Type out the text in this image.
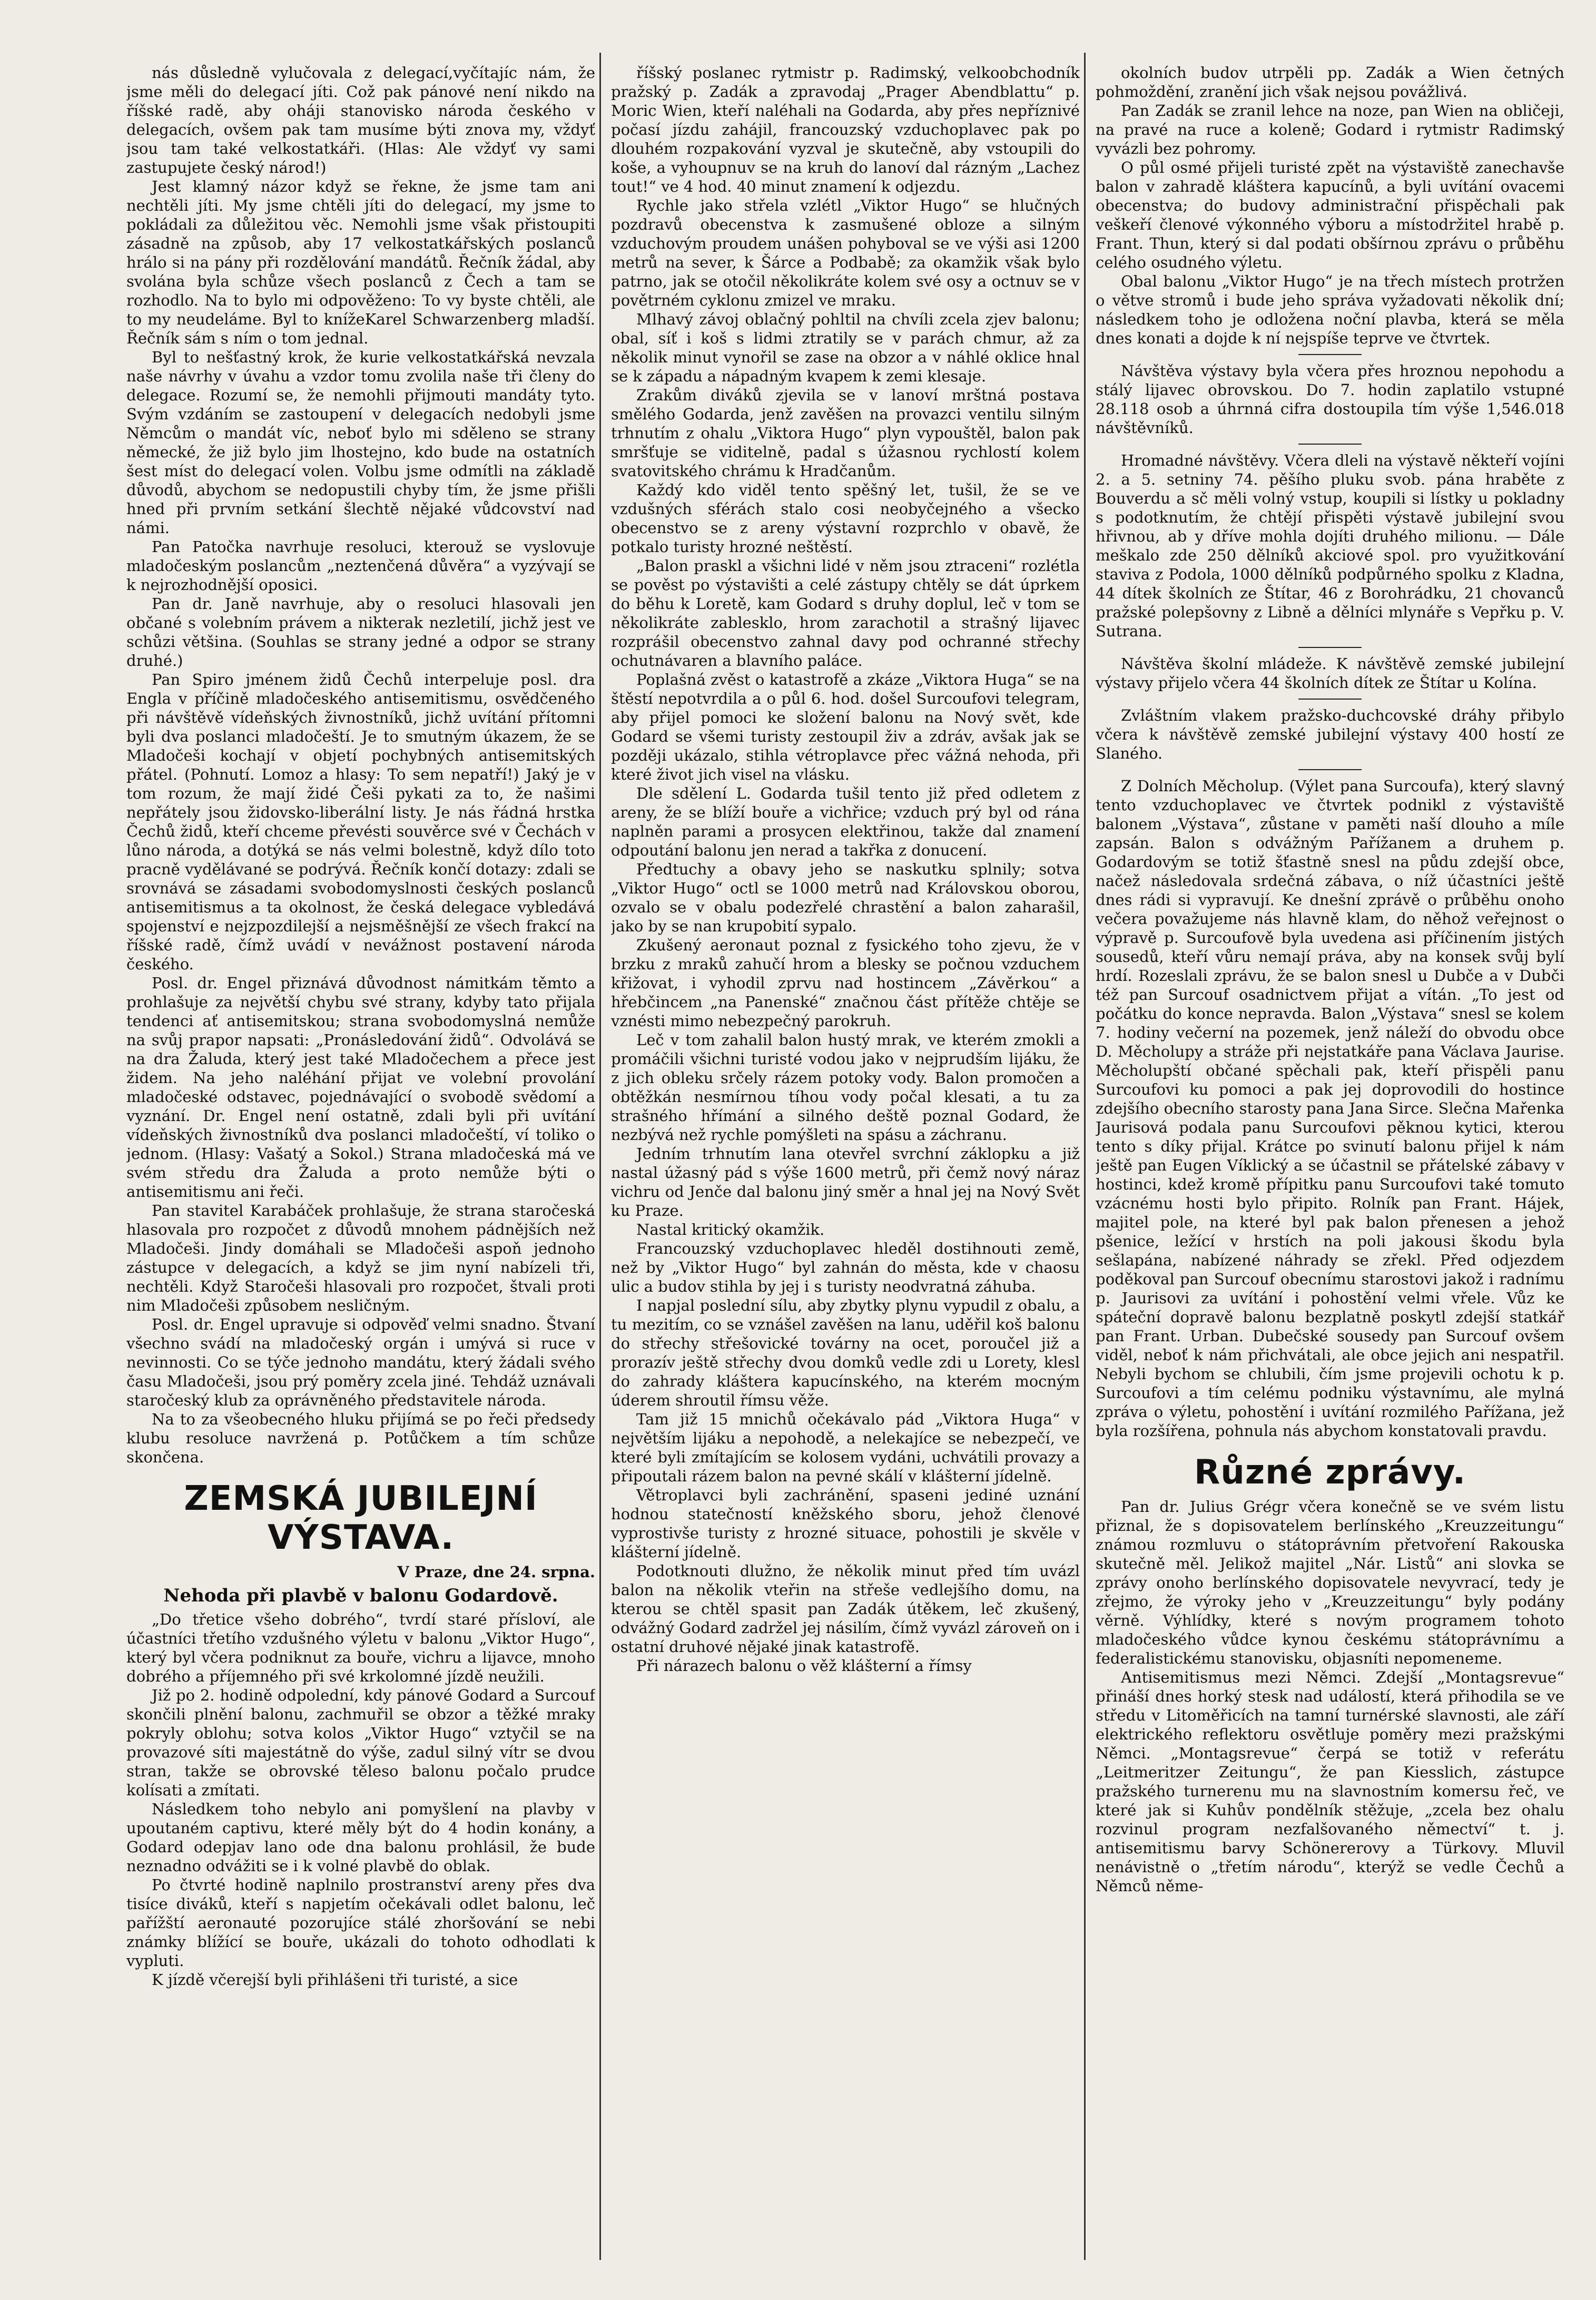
nás důsledně vylučovala z delegací,vyčítajíc nám, že jsme měli do delegací jíti. Což pak pánové není nikdo na říšské radě, aby oháji stanovisko národa českého v delegacích, ovšem pak tam musíme býti znova my, vždyť jsou tam také velkostatkáři. (Hlas: Ale vždyť vy sami zastupujete český národ!)

Jest klamný názor když se řekne, že jsme tam ani nechtěli jíti. My jsme chtěli jíti do delegací, my jsme to pokládali za důležitou věc. Nemohli jsme však přistoupiti zásadně na způsob, aby 17 velkostatkářských poslanců hrálo si na pány při rozdělování mandátů. Řečník žádal, aby svolána byla schůze všech poslanců z Čech a tam se rozhodlo. Na to bylo mi odpověženo: To vy byste chtěli, ale to my neudeláme. Byl to knížeKarel Schwarzenberg mladší. Řečník sám s ním o tom jednal.

Byl to nešťastný krok, že kurie velkostatkářská nevzala naše návrhy v úvahu a vzdor tomu zvolila naše tři členy do delegace. Rozumí se, že nemohli přijmouti mandáty tyto. Svým vzdáním se zastoupení v delegacích nedobyli jsme Němcům o mandát víc, neboť bylo mi sděleno se strany německé, že již bylo jim lhostejno, kdo bude na ostatních šest míst do delegací volen. Volbu jsme odmítli na základě důvodů, abychom se nedopustili chyby tím, že jsme přišli hned při prvním setkání šlechtě nějaké vůdcovství nad námi.

Pan Patočka navrhuje resoluci, kterouž se vyslovuje mladočeským poslancům „neztenčená důvěra“ a vyzývají se k nejrozhodnější oposici.

Pan dr. Janě navrhuje, aby o resoluci hlasovali jen občané s volebním právem a nikterak nezletilí, jichž jest ve schůzi většina. (Souhlas se strany jedné a odpor se strany druhé.)

Pan Spiro jménem židů Čechů interpeluje posl. dra Engla v příčině mladočeského antisemitismu, osvědčeného při návštěvě vídeňských živnostníků, jichž uvítání přítomni byli dva poslanci mladočeští. Je to smutným úkazem, že se Mladočeši kochají v objetí pochybných antisemitských přátel. (Pohnutí. Lomoz a hlasy: To sem nepatří!) Jaký je v tom rozum, že mají židé Češi pykati za to, že našimi nepřátely jsou židovsko-liberální listy. Je nás řádná hrstka Čechů židů, kteří chceme převésti souvěrce své v Čechách v lůno národa, a dotýká se nás velmi bolestně, když dílo toto pracně vydělávané se podrývá. Řečník končí dotazy: zdali se srovnává se zásadami svobodomyslnosti českých poslanců antisemitismus a ta okolnost, že česká delegace vybledává spojenství e nejzpozdilejší a nejsměšnější ze všech frakcí na říšské radě, čímž uvádí v nevážnost postavení národa českého.

Posl. dr. Engel přiznává důvodnost námitkám těmto a prohlašuje za největší chybu své strany, kdyby tato přijala tendenci ať antisemitskou; strana svobodomyslná nemůže na svůj prapor napsati: „Pronásledování židů“. Odvolává se na dra Žaluda, který jest také Mladočechem a přece jest židem. Na jeho naléhání přijat ve volební provolání mladočeské odstavec, pojednávající o svobodě svědomí a vyznání. Dr. Engel není ostatně, zdali byli při uvítání vídeňských živnostníků dva poslanci mladočeští, ví toliko o jednom. (Hlasy: Vašatý a Sokol.) Strana mladočeská má ve svém středu dra Žaluda a proto nemůže býti o antisemitismu ani řeči.

Pan stavitel Karabáček prohlašuje, že strana staročeská hlasovala pro rozpočet z důvodů mnohem pádnějších než Mladočeši. Jindy domáhali se Mladočeši aspoň jednoho zástupce v delegacích, a když se jim nyní nabízeli tři, nechtěli. Když Staročeši hlasovali pro rozpočet, štvali proti nim Mladočeši způsobem nesličným.

Posl. dr. Engel upravuje si odpověď velmi snadno. Štvaní všechno svádí na mladočeský orgán i umývá si ruce v nevinnosti. Co se týče jednoho mandátu, který žádali svého času Mladočeši, jsou prý poměry zcela jiné. Tehdáž uznávali staročeský klub za oprávněného představitele národa.

Na to za všeobecného hluku přijímá se po řeči předsedy klubu resoluce navržená p. Potůčkem a tím schůze skončena.

ZEMSKÁ JUBILEJNÍ VÝSTAVA.
V Praze, dne 24. srpna.
Nehoda při plavbě v balonu Godardově.

„Do třetice všeho dobrého“, tvrdí staré přísloví, ale účastníci třetího vzdušného výletu v balonu „Viktor Hugo“, který byl včera podniknut za bouře, vichru a lijavce, mnoho dobrého a příjemného při své krkolomné jízdě neužili.

Již po 2. hodině odpolední, kdy pánové Godard a Surcouf skončili plnění balonu, zachmuřil se obzor a těžké mraky pokryly oblohu; sotva kolos „Viktor Hugo“ vztyčil se na provazové síti majestátně do výše, zadul silný vítr se dvou stran, takže se obrovské těleso balonu počalo prudce kolísati a zmítati.

Následkem toho nebylo ani pomyšlení na plavby v upoutaném captivu, které měly být do 4 hodin konány, a Godard odepjav lano ode dna balonu prohlásil, že bude neznadno odvážiti se i k volné plavbě do oblak.

Po čtvrté hodině naplnilo prostranství areny přes dva tisíce diváků, kteří s napjetím očekávali odlet balonu, leč pařížští aeronauté pozorujíce stálé zhoršování se nebi známky blížící se bouře, ukázali do tohoto odhodlati k vypluti.

K jízdě včerejší byli přihlášeni tři turisté, a sice

říšský poslanec rytmistr p. Radimský, velkoobchodník pražský p. Zadák a zpravodaj „Prager Abendblattu“ p. Moric Wien, kteří naléhali na Godarda, aby přes nepříznivé počasí jízdu zahájil, francouzský vzduchoplavec pak po dlouhém rozpakování vyzval je skutečně, aby vstoupili do koše, a vyhoupnuv se na kruh do lanoví dal rázným „Lachez tout!“ ve 4 hod. 40 minut znamení k odjezdu.

Rychle jako střela vzlétl „Viktor Hugo“ se hlučných pozdravů obecenstva k zasmušené obloze a silným vzduchovým proudem unášen pohyboval se ve výši asi 1200 metrů na sever, k Šárce a Podbabě; za okamžik však bylo patrno, jak se otočil několikráte kolem své osy a octnuv se v povětrném cyklonu zmizel ve mraku.

Mlhavý závoj oblačný pohltil na chvíli zcela zjev balonu; obal, síť i koš s lidmi ztratily se v parách chmur, až za několik minut vynořil se zase na obzor a v náhlé oklice hnal se k západu a nápadným kvapem k zemi klesaje.

Zrakům diváků zjevila se v lanoví mrštná postava smělého Godarda, jenž zavěšen na provazci ventilu silným trhnutím z ohalu „Viktora Hugo“ plyn vypouštěl, balon pak smršťuje se viditelně, padal s úžasnou rychlostí kolem svatovitského chrámu k Hradčanům.

Každý kdo viděl tento spěšný let, tušil, že se ve vzdušných sférách stalo cosi neobyčejného a všecko obecenstvo se z areny výstavní rozprchlo v obavě, že potkalo turisty hrozné neštěstí.

„Balon praskl a všichni lidé v něm jsou ztraceni“ rozlétla se pověst po výstavišti a celé zástupy chtěly se dát úprkem do běhu k Loretě, kam Godard s druhy doplul, leč v tom se několikráte zablesklo, hrom zarachotil a strašný lijavec rozprášil obecenstvo zahnal davy pod ochranné střechy ochutnávaren a blavního paláce.

Poplašná zvěst o katastrofě a zkáze „Viktora Huga“ se na štěstí nepotvrdila a o půl 6. hod. došel Surcoufovi telegram, aby přijel pomoci ke složení balonu na Nový svět, kde Godard se všemi turisty zestoupil živ a zdráv, avšak jak se později ukázalo, stihla vétroplavce přec vážná nehoda, při které život jich visel na vlásku.

Dle sdělení L. Godarda tušil tento již před odletem z areny, že se blíží bouře a vichřice; vzduch prý byl od rána naplněn parami a prosycen elektřinou, takže dal znamení odpoutání balonu jen nerad a takřka z donucení.

Předtuchy a obavy jeho se naskutku splnily; sotva „Viktor Hugo“ octl se 1000 metrů nad Královskou oborou, ozvalo se v obalu podezřelé chrastění a balon zaharašil, jako by se nan krupobití sypalo.

Zkušený aeronaut poznal z fysického toho zjevu, že v brzku z mraků zahučí hrom a blesky se počnou vzduchem křižovat, i vyhodil zprvu nad hostincem „Závěrkou“ a hřebčincem „na Panenské“ značnou část přítěže chtěje se vznésti mimo nebezpečný parokruh.

Leč v tom zahalil balon hustý mrak, ve kterém zmokli a promáčili všichni turisté vodou jako v nejprudším lijáku, že z jich obleku srčely rázem potoky vody. Balon promočen a obtěžkán nesmírnou tíhou vody počal klesati, a tu za strašného hřímání a silného deště poznal Godard, že nezbývá než rychle pomýšleti na spásu a záchranu.

Jedním trhnutím lana otevřel svrchní záklopku a již nastal úžasný pád s výše 1600 metrů, při čemž nový náraz vichru od Jenče dal balonu jiný směr a hnal jej na Nový Svět ku Praze.

Nastal kritický okamžik.

Francouzský vzduchoplavec hleděl dostihnouti země, než by „Viktor Hugo“ byl zahnán do města, kde v chaosu ulic a budov stihla by jej i s turisty neodvratná záhuba.

I napjal poslední sílu, aby zbytky plynu vypudil z obalu, a tu mezitím, co se vznášel zavěšen na lanu, uděřil koš balonu do střechy střešovické továrny na ocet, poroučel již a prorazív ještě střechy dvou domků vedle zdi u Lorety, klesl do zahrady kláštera kapucínského, na kterém mocným úderem shroutil římsu věže.

Tam již 15 mnichů očekávalo pád „Viktora Huga“ v největším lijáku a nepohodě, a nelekajíce se nebezpečí, ve které byli zmítajícím se kolosem vydáni, uchvátili provazy a připoutali rázem balon na pevné skálí v klášterní jídelně.

Větroplavci byli zachránění, spaseni jediné uznání hodnou statečností kněžského sboru, jehož členové vyprostivše turisty z hrozné situace, pohostili je skvěle v klášterní jídelně.

Podotknouti dlužno, že několik minut před tím uvázl balon na několik vteřin na střeše vedlejšího domu, na kterou se chtěl spasit pan Zadák útěkem, leč zkušený, odvážný Godard zadržel jej násilím, čímž vyvázl zároveň on i ostatní druhové nějaké jinak katastrofě.

Při nárazech balonu o věž klášterní a římsy

okolních budov utrpěli pp. Zadák a Wien četných pohmoždění, zranění jich však nejsou povážlivá.

Pan Zadák se zranil lehce na noze, pan Wien na obličeji, na pravé na ruce a koleně; Godard i rytmistr Radimský vyvázli bez pohromy.

O půl osmé přijeli turisté zpět na výstaviště zanechavše balon v zahradě kláštera kapucínů, a byli uvítání ovacemi obecenstva; do budovy administrační přispěchali pak veškeří členové výkonného výboru a místodržitel hrabě p. Frant. Thun, který si dal podati obšírnou zprávu o průběhu celého osudného výletu.

Obal balonu „Viktor Hugo“ je na třech místech protržen o větve stromů i bude jeho správa vyžadovati několik dní; následkem toho je odložena noční plavba, která se měla dnes konati a dojde k ní nejspíše teprve ve čtvrtek.

Návštěva výstavy byla včera přes hroznou nepohodu a stálý lijavec obrovskou. Do 7. hodin zaplatilo vstupné 28.118 osob a úhrnná cifra dostoupila tím výše 1,546.018 návštěvníků.

Hromadné návštěvy. Včera dleli na výstavě někteří vojíni 2. a 5. setniny 74. pěšího pluku svob. pána hraběte z Bouverdu a sč měli volný vstup, koupili si lístky u pokladny s podotknutím, že chtějí přispěti výstavě jubilejní svou hřivnou, ab y dříve mohla dojíti druhého milionu. — Dále meškalo zde 250 dělníků akciové spol. pro využitkování staviva z Podola, 1000 dělníků podpůrného spolku z Kladna, 44 dítek školních ze Štítar, 46 z Borohrádku, 21 chovanců pražské polepšovny z Libně a dělníci mlynáře s Vepřku p. V. Sutrana.

Návštěva školní mládeže. K návštěvě zemské jubilejní výstavy přijelo včera 44 školních dítek ze Štítar u Kolína.

Zvláštním vlakem pražsko-duchcovské dráhy přibylo včera k návštěvě zemské jubilejní výstavy 400 hostí ze Slaného.

Z Dolních Měcholup. (Výlet pana Surcoufa), který slavný tento vzduchoplavec ve čtvrtek podnikl z výstaviště balonem „Výstava“, zůstane v paměti naší dlouho a míle zapsán. Balon s odvážným Pařížanem a druhem p. Godardovým se totiž šťastně snesl na půdu zdejší obce, načež následovala srdečná zábava, o níž účastníci ještě dnes rádi si vypravují. Ke dnešní zprávě o průběhu onoho večera považujeme nás hlavně klam, do něhož veřejnost o výpravě p. Surcoufově byla uvedena asi příčinením jistých sousedů, kteří vůru nemají práva, aby na konsek svůj bylí hrdí. Rozeslali zprávu, že se balon snesl u Dubče a v Dubči též pan Surcouf osadnictvem přijat a vítán. „To jest od počátku do konce nepravda. Balon „Výstava“ snesl se kolem 7. hodiny večerní na pozemek, jenž náleží do obvodu obce D. Měcholupy a stráže při nejstatkáře pana Václava Jaurise. Měcholupští občané spěchali pak, kteří přispěli panu Surcoufovi ku pomoci a pak jej doprovodili do hostince zdejšího obecního starosty pana Jana Sirce. Slečna Mařenka Jaurisová podala panu Surcoufovi pěknou kytici, kterou tento s díky přijal. Krátce po svinutí balonu přijel k nám ještě pan Eugen Víklický a se účastnil se přátelské zábavy v hostinci, kdež kromě přípitku panu Surcoufovi také tomuto vzácnému hosti bylo připito. Rolník pan Frant. Hájek, majitel pole, na které byl pak balon přenesen a jehož pšenice, ležící v hrstích na poli jakousi škodu byla sešlapána, nabízené náhrady se zřekl. Před odjezdem poděkoval pan Surcouf obecnímu starostovi jakož i radnímu p. Jaurisovi za uvítání i pohostění velmi vřele. Vůz ke spáteční dopravě balonu bezplatně poskytl zdejší statkář pan Frant. Urban. Dubečské sousedy pan Surcouf ovšem viděl, neboť k nám přichvátali, ale obce jejich ani nespatřil. Nebyli bychom se chlubili, čím jsme projevili ochotu k p. Surcoufovi a tím celému podniku výstavnímu, ale mylná zpráva o výletu, pohostění i uvítání rozmilého Pařížana, jež byla rozšířena, pohnula nás abychom konstatovali pravdu.

Různé zprávy.

Pan dr. Julius Grégr včera konečně se ve svém listu přiznal, že s dopisovatelem berlínského „Kreuzzeitungu“ známou rozmluvu o státoprávním přetvoření Rakouska skutečně měl. Jelikož majitel „Nár. Listů“ ani slovka se zprávy onoho berlínského dopisovatele nevyvrací, tedy je zřejmo, že výroky jeho v „Kreuzzeitungu“ byly podány věrně. Výhlídky, které s novým programem tohoto mladočeského vůdce kynou českému státoprávnímu a federalistickému stanovisku, objasníti nepomeneme.

Antisemitismus mezi Němci. Zdejší „Montagsrevue“ přináší dnes horký stesk nad událostí, která přihodila se ve středu v Litoměřicích na tamní turnérské slavnosti, ale září elektrického reflektoru osvětluje poměry mezi pražskými Němci. „Montagsrevue“ čerpá se totiž v referátu „Leitmeritzer Zeitungu“, že pan Kiesslich, zástupce pražského turnerenu mu na slavnostním komersu řeč, ve které jak si Kuhův pondělník stěžuje, „zcela bez ohalu rozvinul program nezfalšovaného němectví“ t. j. antisemitismu barvy Schönererovy a Türkovy. Mluvil nenávistně o „třetím národu“, kterýž se vedle Čechů a Němců něme-
